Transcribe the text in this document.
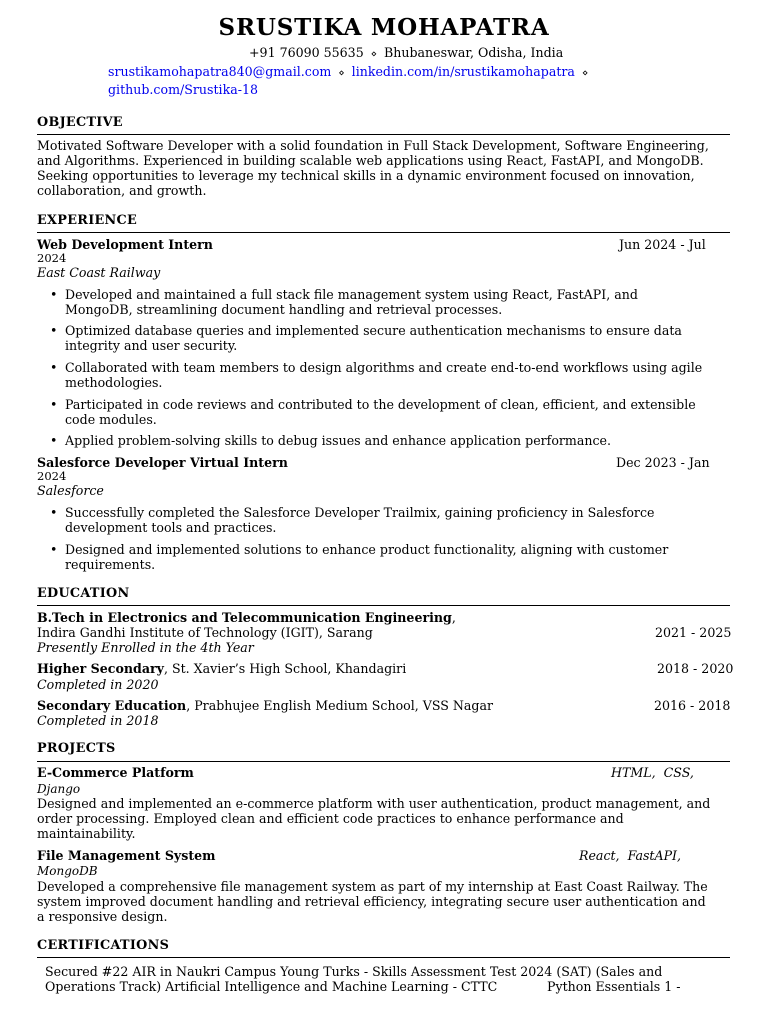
SRUSTIKA MOHAPATRA
+91 76090 55635 ⋄ Bhubaneswar, Odisha, India
srustikamohapatra840@gmail.com ⋄ linkedin.com/in/srustikamohapatra ⋄
github.com/Srustika-18
OBJECTIVE
Motivated Software Developer with a solid foundation in Full Stack Development, Software Engineering,
and Algorithms. Experienced in building scalable web applications using React, FastAPI, and MongoDB.
Seeking opportunities to leverage my technical skills in a dynamic environment focused on innovation,
collaboration, and growth.
EXPERIENCE
Web Development Intern	Jun 2024 - Jul
2024
East Coast Railway
• Developed and maintained a full stack file management system using React, FastAPI, and
MongoDB, streamlining document handling and retrieval processes.
• Optimized database queries and implemented secure authentication mechanisms to ensure data
integrity and user security.
• Collaborated with team members to design algorithms and create end-to-end workflows using agile
methodologies.
• Participated in code reviews and contributed to the development of clean, efficient, and extensible
code modules.
• Applied problem-solving skills to debug issues and enhance application performance.
Salesforce Developer Virtual Intern	Dec 2023 - Jan
2024
Salesforce
• Successfully completed the Salesforce Developer Trailmix, gaining proficiency in Salesforce
development tools and practices.
• Designed and implemented solutions to enhance product functionality, aligning with customer
requirements.
EDUCATION
B.Tech in Electronics and Telecommunication Engineering,
Indira Gandhi Institute of Technology (IGIT), Sarang	2021 - 2025
Presently Enrolled in the 4th Year
Higher Secondary, St. Xavier’s High School, Khandagiri	2018 - 2020
Completed in 2020
Secondary Education, Prabhujee English Medium School, VSS Nagar	2016 - 2018
Completed in 2018
PROJECTS
E-Commerce Platform	HTML,  CSS,
Django
Designed and implemented an e-commerce platform with user authentication, product management, and
order processing. Employed clean and efficient code practices to enhance performance and
maintainability.
File Management System	React,  FastAPI,
MongoDB
Developed a comprehensive file management system as part of my internship at East Coast Railway. The
system improved document handling and retrieval efficiency, integrating secure user authentication and
a responsive design.
CERTIFICATIONS
Secured #22 AIR in Naukri Campus Young Turks - Skills Assessment Test 2024 (SAT) (Sales and
Operations Track) Artificial Intelligence and Machine Learning - CTTC	Python Essentials 1 -
